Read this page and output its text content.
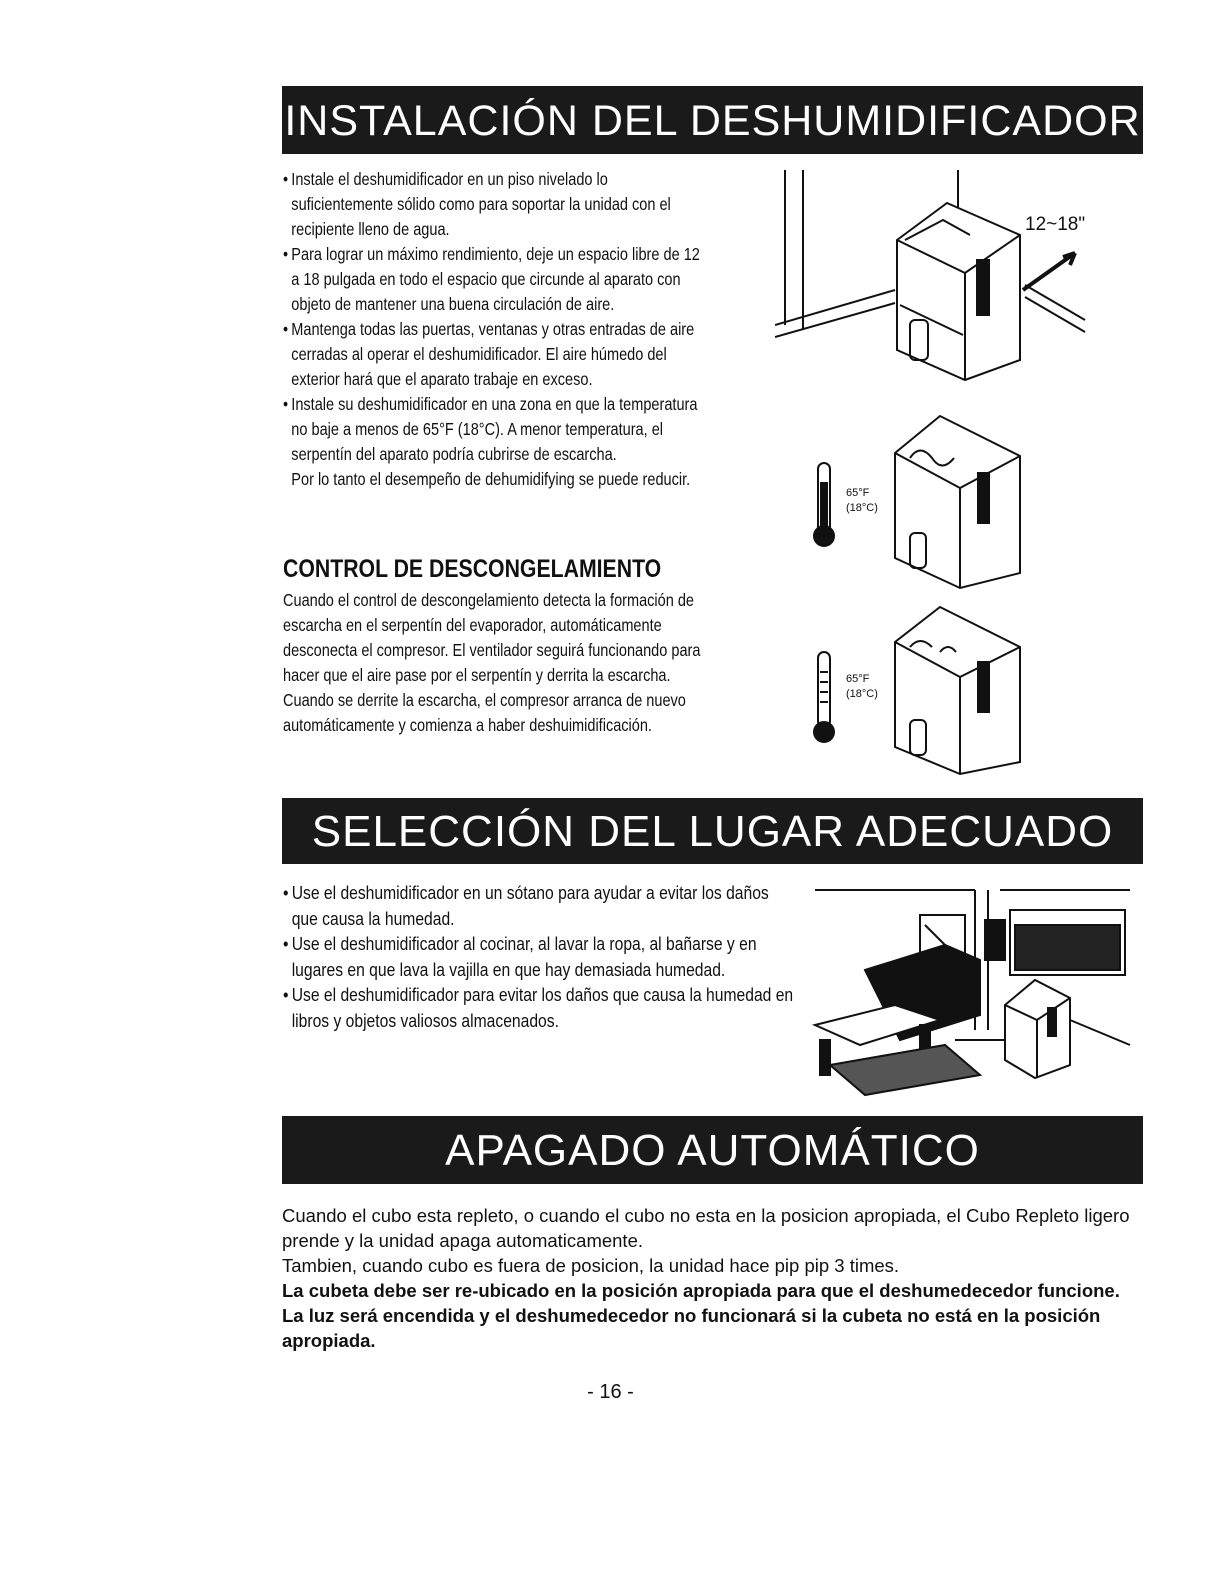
INSTALACIÓN DEL DESHUMIDIFICADOR
• Instale el deshumidificador en un piso nivelado lo suficientemente sólido como para soportar la unidad con el recipiente lleno de agua.
• Para lograr un máximo rendimiento, deje un espacio libre de 12 a 18 pulgada en todo el espacio que circunde al aparato con objeto de mantener una buena circulación de aire.
• Mantenga todas las puertas, ventanas y otras entradas de aire cerradas al operar el deshumidificador. El aire húmedo del exterior hará que el aparato trabaje en exceso.

• Instale su deshumidificador en una zona en que la temperatura no baje a menos de 65°F (18°C). A menor temperatura, el serpentín del aparato podría cubrirse de escarcha.

Por lo tanto el desempeño de dehumidifying se puede reducir.

CONTROL DE DESCONGELAMIENTO
Cuando el control de descongelamiento detecta la formación de escarcha en el serpentín del evaporador, automáticamente desconecta el compresor. El ventilador seguirá funcionando para hacer que el aire pase por el serpentín y derrita la escarcha. Cuando se derrite la escarcha, el compresor arranca de nuevo automáticamente y comienza a haber deshuimidificación.
12~18"
65°F
(18°C)
65°F
(18°C)
SELECCIÓN DEL LUGAR ADECUADO
• Use el deshumidificador en un sótano para ayudar a evitar los daños que causa la humedad.
• Use el deshumidificador al cocinar, al lavar la ropa, al bañarse y en lugares en que lava la vajilla en que hay demasiada humedad.
• Use el deshumidificador para evitar los daños que causa la humedad en libros y objetos valiosos almacenados.
APAGADO AUTOMÁTICO

Cuando el cubo esta repleto, o cuando el cubo no esta en la posicion apropiada, el Cubo Repleto ligero prende y la unidad apaga automaticamente.

Tambien, cuando cubo es fuera de posicion, la unidad hace pip pip 3 times.

La cubeta debe ser re-ubicado en la posición apropiada para que el deshumedecedor funcione. La luz será encendida y el deshumedecedor no funcionará si la cubeta no está en la posición apropiada.

- 16 -
